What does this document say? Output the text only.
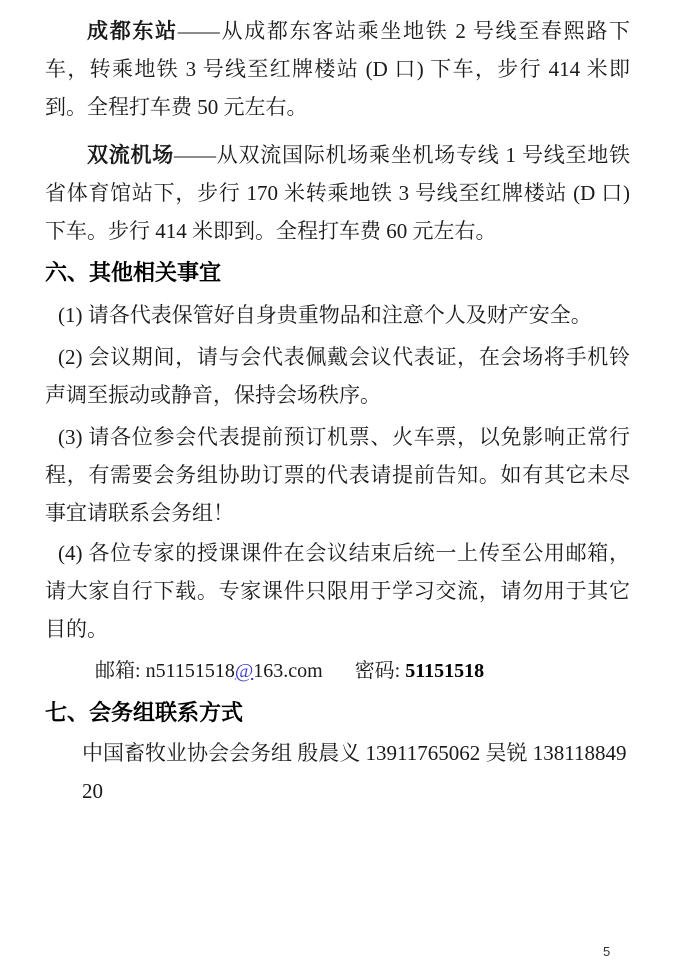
成都东站——从成都东客站乘坐地铁 2 号线至春熙路下车，转乘地铁 3 号线至红牌楼站 (D 口) 下车，步行 414 米即到。全程打车费 50 元左右。

双流机场——从双流国际机场乘坐机场专线 1 号线至地铁省体育馆站下，步行 170 米转乘地铁 3 号线至红牌楼站 (D 口) 下车。步行 414 米即到。全程打车费 60 元左右。

六、其他相关事宜

(1) 请各代表保管好自身贵重物品和注意个人及财产安全。

(2) 会议期间，请与会代表佩戴会议代表证，在会场将手机铃声调至振动或静音，保持会场秩序。

(3) 请各位参会代表提前预订机票、火车票，以免影响正常行程，有需要会务组协助订票的代表请提前告知。如有其它未尽事宜请联系会务组！

(4) 各位专家的授课课件在会议结束后统一上传至公用邮箱，请大家自行下载。专家课件只限用于学习交流，请勿用于其它目的。

邮箱: n51151518@163.com 密码: 51151518

七、会务组联系方式

中国畜牧业协会会务组 殷晨义 13911765062 吴锐 13811884920

5
